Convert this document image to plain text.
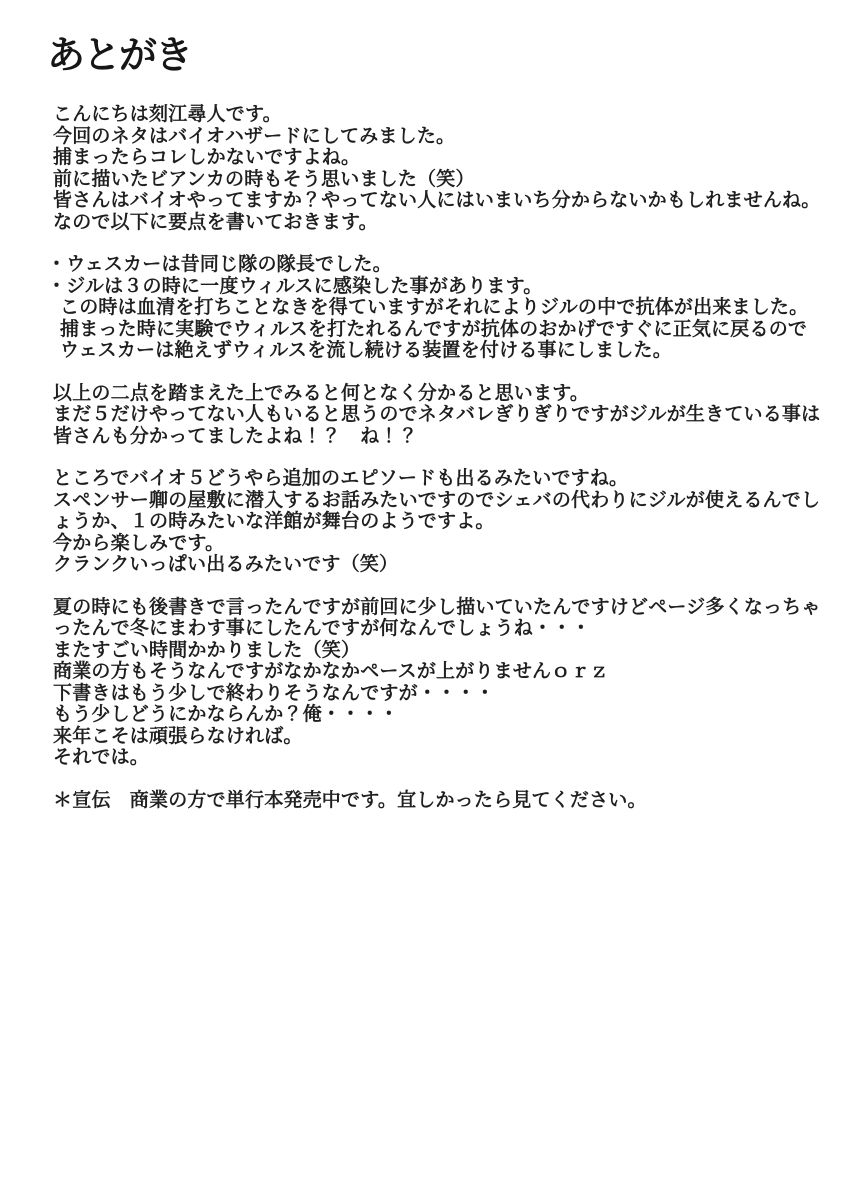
あとがき
こんにちは刻江尋人です。
今回のネタはバイオハザードにしてみました。
捕まったらコレしかないですよね。
前に描いたビアンカの時もそう思いました（笑）
皆さんはバイオやってますか？やってない人にはいまいち分からないかもしれませんね。
なので以下に要点を書いておきます。
・ウェスカーは昔同じ隊の隊長でした。
・ジルは３の時に一度ウィルスに感染した事があります。
この時は血清を打ちことなきを得ていますがそれによりジルの中で抗体が出来ました。
捕まった時に実験でウィルスを打たれるんですが抗体のおかげですぐに正気に戻るので
ウェスカーは絶えずウィルスを流し続ける装置を付ける事にしました。
以上の二点を踏まえた上でみると何となく分かると思います。
まだ５だけやってない人もいると思うのでネタバレぎりぎりですがジルが生きている事は
皆さんも分かってましたよね！？　ね！？
ところでバイオ５どうやら追加のエピソードも出るみたいですね。
スペンサー卿の屋敷に潜入するお話みたいですのでシェバの代わりにジルが使えるんでし
ょうか、１の時みたいな洋館が舞台のようですよ。
今から楽しみです。
クランクいっぱい出るみたいです（笑）
夏の時にも後書きで言ったんですが前回に少し描いていたんですけどページ多くなっちゃ
ったんで冬にまわす事にしたんですが何なんでしょうね・・・
またすごい時間かかりました（笑）
商業の方もそうなんですがなかなかペースが上がりませんｏｒｚ
下書きはもう少しで終わりそうなんですが・・・・
もう少しどうにかならんか？俺・・・・
来年こそは頑張らなければ。
それでは。
＊宣伝　商業の方で単行本発売中です。宜しかったら見てください。
